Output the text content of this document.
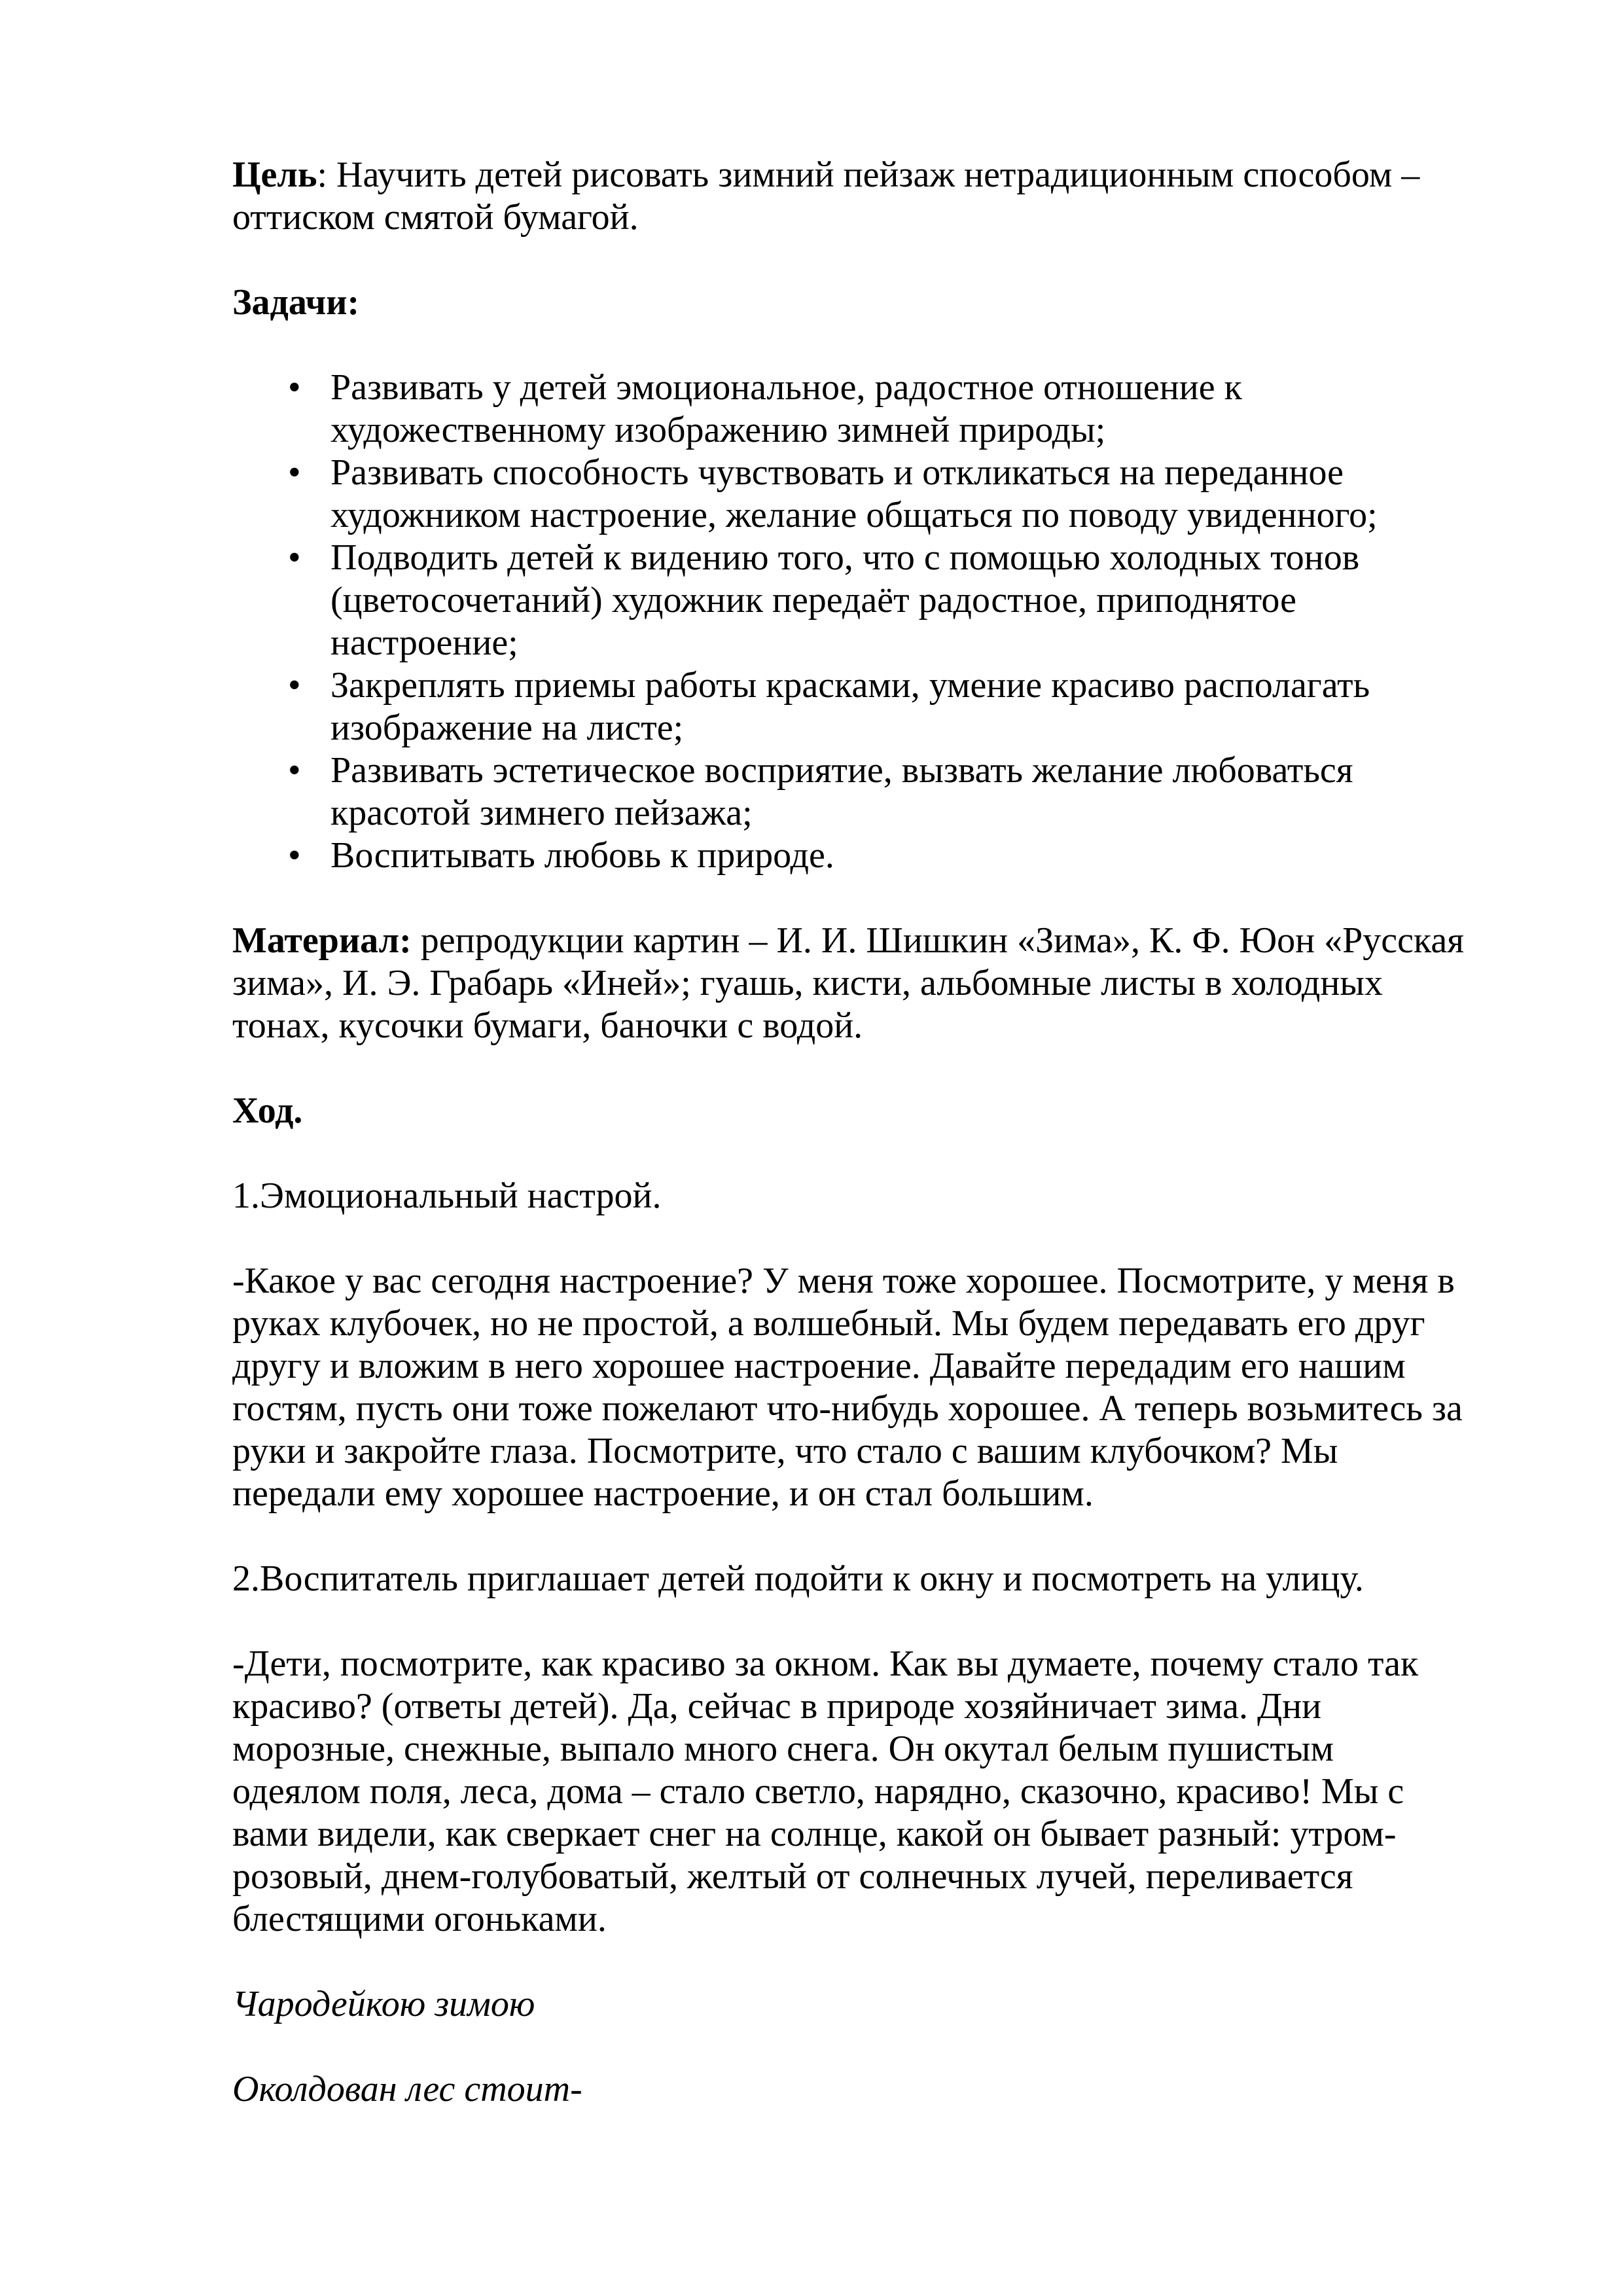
Цель: Научить детей рисовать зимний пейзаж нетрадиционным способом – оттиском смятой бумагой.

Задачи:

• Развивать у детей эмоциональное, радостное отношение к художественному изображению зимней природы;
• Развивать способность чувствовать и откликаться на переданное художником настроение, желание общаться по поводу увиденного;
• Подводить детей к видению того, что с помощью холодных тонов (цветосочетаний) художник передаёт радостное, приподнятое настроение;
• Закреплять приемы работы красками, умение красиво располагать изображение на листе;
• Развивать эстетическое восприятие, вызвать желание любоваться красотой зимнего пейзажа;
• Воспитывать любовь к природе.

Материал: репродукции картин – И. И. Шишкин «Зима», К. Ф. Юон «Русская зима», И. Э. Грабарь «Иней»; гуашь, кисти, альбомные листы в холодных тонах, кусочки бумаги, баночки с водой.

Ход.

1.Эмоциональный настрой.

-Какое у вас сегодня настроение? У меня тоже хорошее. Посмотрите, у меня в руках клубочек, но не простой, а волшебный. Мы будем передавать его друг другу и вложим в него хорошее настроение. Давайте передадим его нашим гостям, пусть они тоже пожелают что-нибудь хорошее. А теперь возьмитесь за руки и закройте глаза. Посмотрите, что стало с вашим клубочком? Мы передали ему хорошее настроение, и он стал большим.

2.Воспитатель приглашает детей подойти к окну и посмотреть на улицу.

-Дети, посмотрите, как красиво за окном. Как вы думаете, почему стало так красиво? (ответы детей). Да, сейчас в природе хозяйничает зима. Дни морозные, снежные, выпало много снега. Он окутал белым пушистым одеялом поля, леса, дома – стало светло, нарядно, сказочно, красиво! Мы с вами видели, как сверкает снег на солнце, какой он бывает разный: утром-розовый, днем-голубоватый, желтый от солнечных лучей, переливается блестящими огоньками.

Чародейкою зимою

Околдован лес стоит-
